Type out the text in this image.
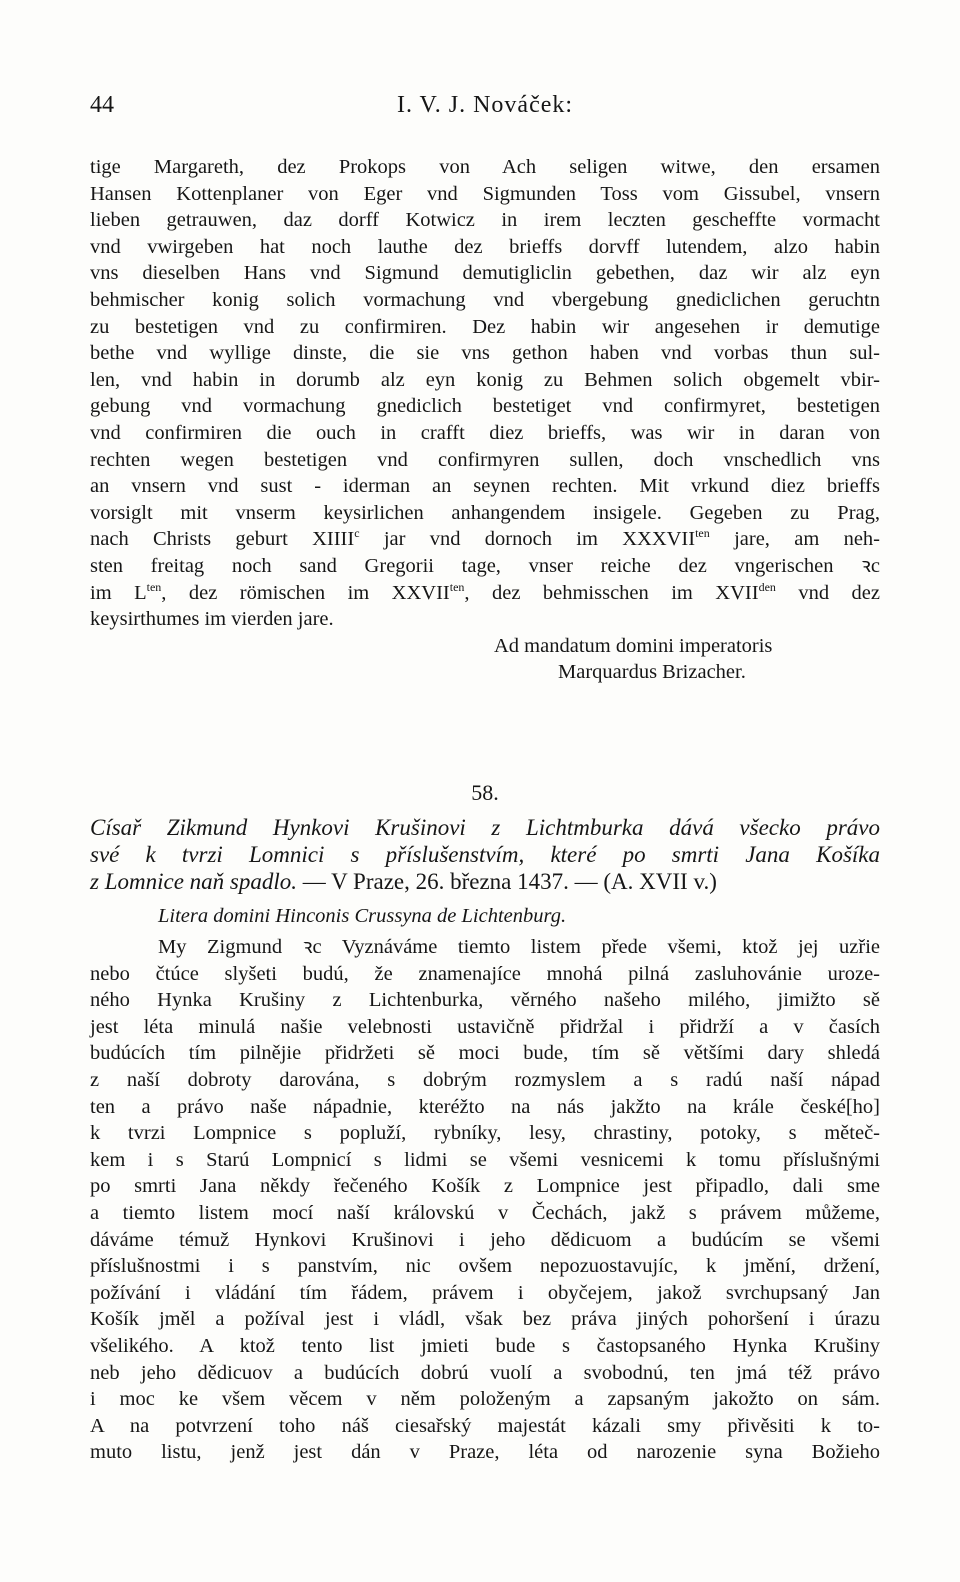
44	I. V. J. Nováček:
tige Margareth, dez Prokops von Ach seligen witwe, den ersamen
Hansen Kottenplaner von Eger vnd Sigmunden Toss vom Gissubel, vnsern
lieben getrauwen, daz dorff Kotwicz in irem leczten gescheffte vormacht
vnd vwirgeben hat noch lauthe dez brieffs dorvff lutendem, alzo habin
vns dieselben Hans vnd Sigmund demutigliclin gebethen, daz wir alz eyn
behmischer konig solich vormachung vnd vbergebung gnediclichen geruchtn
zu bestetigen vnd zu confirmiren. Dez habin wir angesehen ir demutige
bethe vnd wyllige dinste, die sie vns gethon haben vnd vorbas thun sul-
len, vnd habin in dorumb alz eyn konig zu Behmen solich obgemelt vbir-
gebung vnd vormachung gnediclich bestetiget vnd confirmyret, bestetigen
vnd confirmiren die ouch in crafft diez brieffs, was wir in daran von
rechten wegen bestetigen vnd confirmyren sullen, doch vnschedlich vns
an vnsern vnd sust - iderman an seynen rechten. Mit vrkund diez brieffs
vorsiglt mit vnserm keysirlichen anhangendem insigele. Gegeben zu Prag,
nach Christs geburt XIIII$^c$ jar vnd dornoch im $XXXVII^{ten}$ jare, am neh-
sten freitag noch sand Gregorii tage, vnser reiche dez vngerischen ꝛc
im $L^{ten}$, dez römischen im $XXVII^{ten}$, dez behmisschen im $XVII^{den}$ vnd dez
keysirthumes im vierden jare.
Ad mandatum domini imperatoris
Marquardus Brizacher.
58.
Císař Zikmund Hynkovi Krušinovi z Lichtmburka dává všecko právo
své k tvrzi Lomnici s příslušenstvím, které po smrti Jana Košíka
z Lomnice naň spadlo. — V Praze, 26. března 1437. — (A. XVII v.)
Litera domini Hinconis Crussyna de Lichtenburg.
My Zigmund ꝛc Vyznáváme tiemto listem přede všemi, ktož jej uzřie
nebo čtúce slyšeti budú, že znamenajíce mnohá pilná zasluhovánie uroze-
ného Hynka Krušiny z Lichtenburka, věrného našeho milého, jimižto sě
jest léta minulá našie velebnosti ustavičně přidržal i přidrží a v časích
budúcích tím pilnějie přidržeti sě moci bude, tím sě většími dary shledá
z naší dobroty darována, s dobrým rozmyslem a s radú naší nápad
ten a právo naše nápadnie, kteréžto na nás jakžto na krále české[ho]
k tvrzi Lompnice s popluží, rybníky, lesy, chrastiny, potoky, s měteč-
kem i s Starú Lompnicí s lidmi se všemi vesnicemi k tomu příslušnými
po smrti Jana někdy řečeného Košík z Lompnice jest připadlo, dali sme
a tiemto listem mocí naší královskú v Čechách, jakž s právem můžeme,
dáváme témuž Hynkovi Krušinovi i jeho dědicuom a budúcím se všemi
příslušnostmi i s panstvím, nic ovšem nepozuostavujíc, k jmění, držení,
požívání i vládání tím řádem, právem i obyčejem, jakož svrchupsaný Jan
Košík jměl a požíval jest i vládl, však bez práva jiných pohoršení i úrazu
všelikého. A ktož tento list jmieti bude s častopsaného Hynka Krušiny
neb jeho dědicuov a budúcích dobrú vuolí a svobodnú, ten jmá též právo
i moc ke všem věcem v něm položeným a zapsaným jakožto on sám.
A na potvrzení toho náš ciesařský majestát kázali smy přivěsiti k to-
muto listu, jenž jest dán v Praze, léta od narozenie syna Božieho
